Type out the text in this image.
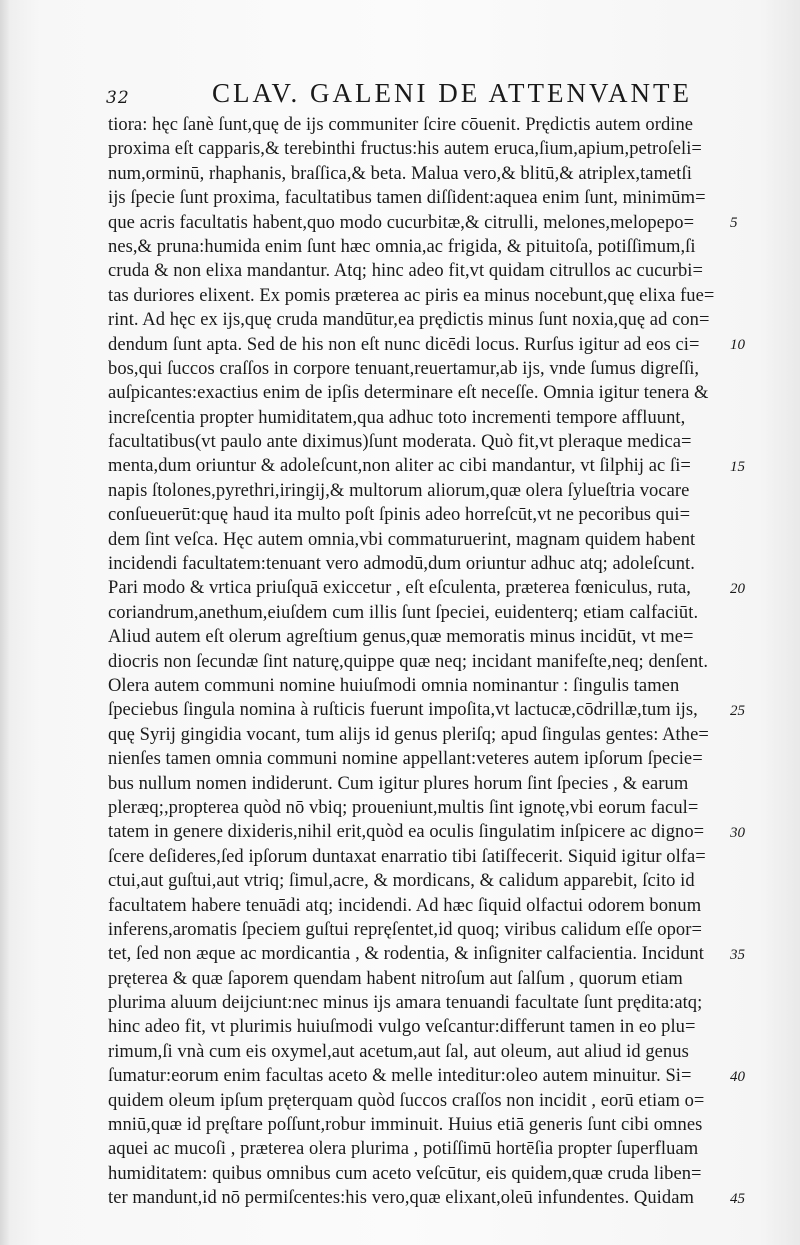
32	CLAV. GALENI DE ATTENVANTE
tiora: hęc ſanè ſunt,quę de ijs communiter ſcire cōuenit. Prędictis autem ordine
proxima eſt capparis,& terebinthi fructus:his autem eruca,ſium,apium,petroſeli=
num,orminū, rhaphanis, braſſica,& beta. Malua vero,& blitū,& atriplex,tametſi
ijs ſpecie ſunt proxima, facultatibus tamen diſſident:aquea enim ſunt, minimūm=
que acris facultatis habent,quo modo cucurbitæ,& citrulli, melones,melopepo=
nes,& pruna:humida enim ſunt hæc omnia,ac frigida, & pituitoſa, potiſſimum,ſi
cruda & non elixa mandantur. Atq; hinc adeo fit,vt quidam citrullos ac cucurbi=
tas duriores elixent. Ex pomis præterea ac piris ea minus nocebunt,quę elixa fue=
rint. Ad hęc ex ijs,quę cruda mandūtur,ea prędictis minus ſunt noxia,quę ad con=
dendum ſunt apta. Sed de his non eſt nunc dicēdi locus. Rurſus igitur ad eos ci=
bos,qui ſuccos craſſos in corpore tenuant,reuertamur,ab ijs, vnde ſumus digreſſi,
auſpicantes:exactius enim de ipſis determinare eſt neceſſe. Omnia igitur tenera &
increſcentia propter humiditatem,qua adhuc toto incrementi tempore affluunt,
facultatibus(vt paulo ante diximus)ſunt moderata. Quò fit,vt pleraque medica=
menta,dum oriuntur & adoleſcunt,non aliter ac cibi mandantur, vt ſilphij ac ſi=
napis ſtolones,pyrethri,iringij,& multorum aliorum,quæ olera ſylueſtria vocare
conſueuerūt:quę haud ita multo poſt ſpinis adeo horreſcūt,vt ne pecoribus qui=
dem ſint veſca. Hęc autem omnia,vbi commaturuerint, magnam quidem habent
incidendi facultatem:tenuant vero admodū,dum oriuntur adhuc atq; adoleſcunt.
Pari modo & vrtica priuſquā exiccetur , eſt eſculenta, præterea fœniculus, ruta,
coriandrum,anethum,eiuſdem cum illis ſunt ſpeciei, euidenterq; etiam calfaciūt.
Aliud autem eſt olerum agreſtium genus,quæ memoratis minus incidūt, vt me=
diocris non ſecundæ ſint naturę,quippe quæ neq; incidant manifeſte,neq; denſent.
Olera autem communi nomine huiuſmodi omnia nominantur : ſingulis tamen
ſpeciebus ſingula nomina à ruſticis fuerunt impoſita,vt lactucæ,cōdrillæ,tum ijs,
quę Syrij gingidia vocant, tum alijs id genus pleriſq; apud ſingulas gentes: Athe=
nienſes tamen omnia communi nomine appellant:veteres autem ipſorum ſpecie=
bus nullum nomen indiderunt. Cum igitur plures horum ſint ſpecies , & earum
pleræq;,propterea quòd nō vbiq; proueniunt,multis ſint ignotę,vbi eorum facul=
tatem in genere dixideris,nihil erit,quòd ea oculis ſingulatim inſpicere ac digno=
ſcere deſideres,ſed ipſorum duntaxat enarratio tibi ſatiſfecerit. Siquid igitur olfa=
ctui,aut guſtui,aut vtriq; ſimul,acre, & mordicans, & calidum apparebit, ſcito id
facultatem habere tenuādi atq; incidendi. Ad hæc ſiquid olfactui odorem bonum
inferens,aromatis ſpeciem guſtui repręſentet,id quoq; viribus calidum eſſe opor=
tet, ſed non æque ac mordicantia , & rodentia, & inſigniter calfacientia. Incidunt
pręterea & quæ ſaporem quendam habent nitroſum aut ſalſum , quorum etiam
plurima aluum deijciunt:nec minus ijs amara tenuandi facultate ſunt prędita:atq;
hinc adeo fit, vt plurimis huiuſmodi vulgo veſcantur:differunt tamen in eo plu=
rimum,ſi vnà cum eis oxymel,aut acetum,aut ſal, aut oleum, aut aliud id genus
ſumatur:eorum enim facultas aceto & melle inteditur:oleo autem minuitur. Si=
quidem oleum ipſum pręterquam quòd ſuccos craſſos non incidit , eorū etiam o=
mniū,quæ id pręſtare poſſunt,robur imminuit. Huius etiā generis ſunt cibi omnes
aquei ac mucoſi , præterea olera plurima , potiſſimū hortēſia propter ſuperfluam
humiditatem: quibus omnibus cum aceto veſcūtur, eis quidem,quæ cruda liben=
ter mandunt,id nō permiſcentes:his vero,quæ elixant,oleū infundentes. Quidam
5
10
15
20
25
30
35
40
45
